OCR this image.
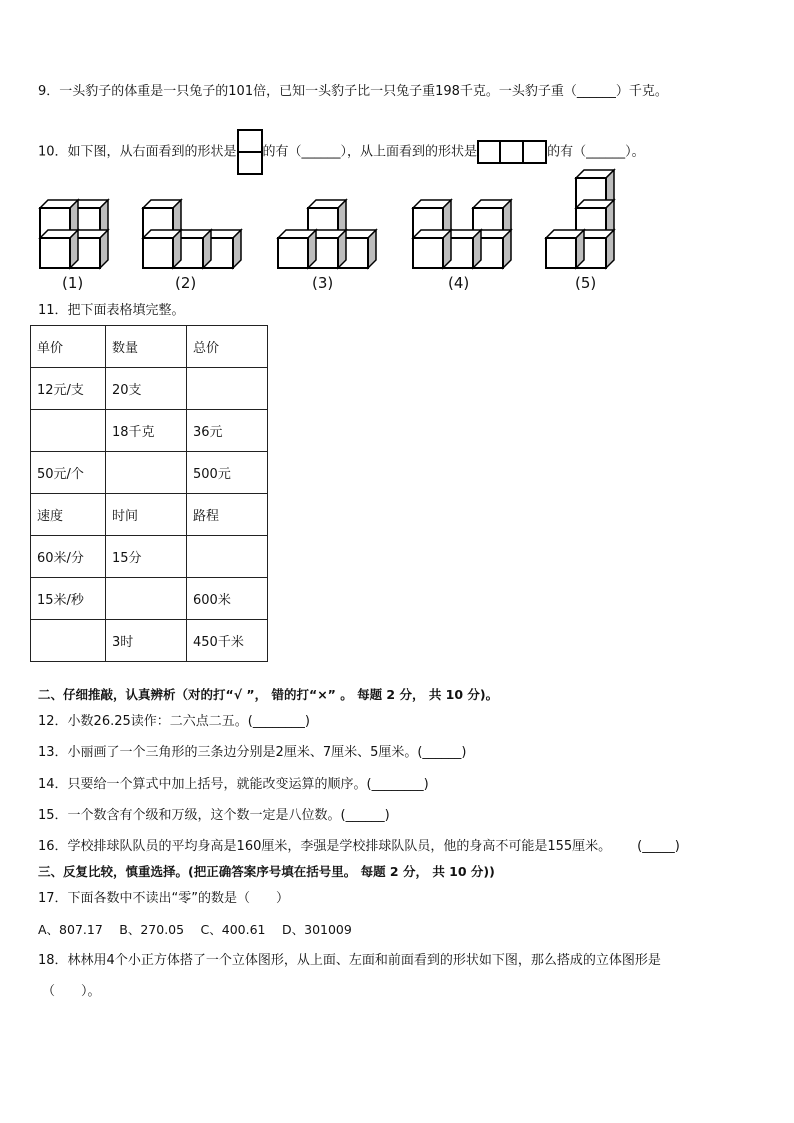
9．一头豹子的体重是一只兔子的101倍，已知一头豹子比一只兔子重198千克。一头豹子重（______）千克。
10．如下图，从右面看到的形状是 的有（______），从上面看到的形状是	的有（______）。
(1)	(2)	(3)	(4)	(5)
11．把下面表格填完整。
单价	数量	总价
12元/支	20支	
	18千克	36元
50元/个		500元
速度	时间	路程
60米/分	15分	
15米/秒		600米
	3时	450千米
二、仔细推敲，认真辨析（对的打“√ ”， 错的打“×” 。 每题 2 分， 共 10 分)。
12．小数26.25读作：二六点二五。(________)
13．小丽画了一个三角形的三条边分别是2厘米、7厘米、5厘米。(______)
14．只要给一个算式中加上括号，就能改变运算的顺序。(________)
15．一个数含有个级和万级，这个数一定是八位数。(______)
16．学校排球队队员的平均身高是160厘米，李强是学校排球队队员，他的身高不可能是155厘米。 (_____)
三、反复比较，慎重选择。(把正确答案序号填在括号里。 每题 2 分， 共 10 分))
17．下面各数中不读出“零”的数是（　　）
A、807.17　 B、270.05　 C、400.61　 D、301009
18．林林用4个小正方体搭了一个立体图形，从上面、左面和前面看到的形状如下图，那么搭成的立体图形是
（　　）。
